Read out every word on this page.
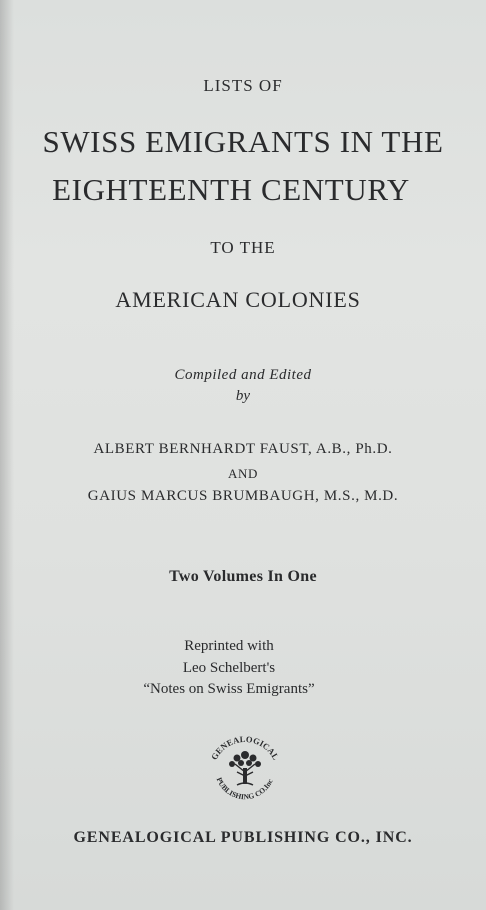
LISTS OF
SWISS EMIGRANTS IN THE
EIGHTEENTH CENTURY
TO THE
AMERICAN COLONIES
Compiled and Edited
by
ALBERT BERNHARDT FAUST, A.B., Ph.D.
AND
GAIUS MARCUS BRUMBAUGH, M.S., M.D.
Two Volumes In One
Reprinted with
Leo Schelbert's
“Notes on Swiss Emigrants”
GENEALOGICAL
PUBLISHING CO.Inc
GENEALOGICAL PUBLISHING CO., INC.
